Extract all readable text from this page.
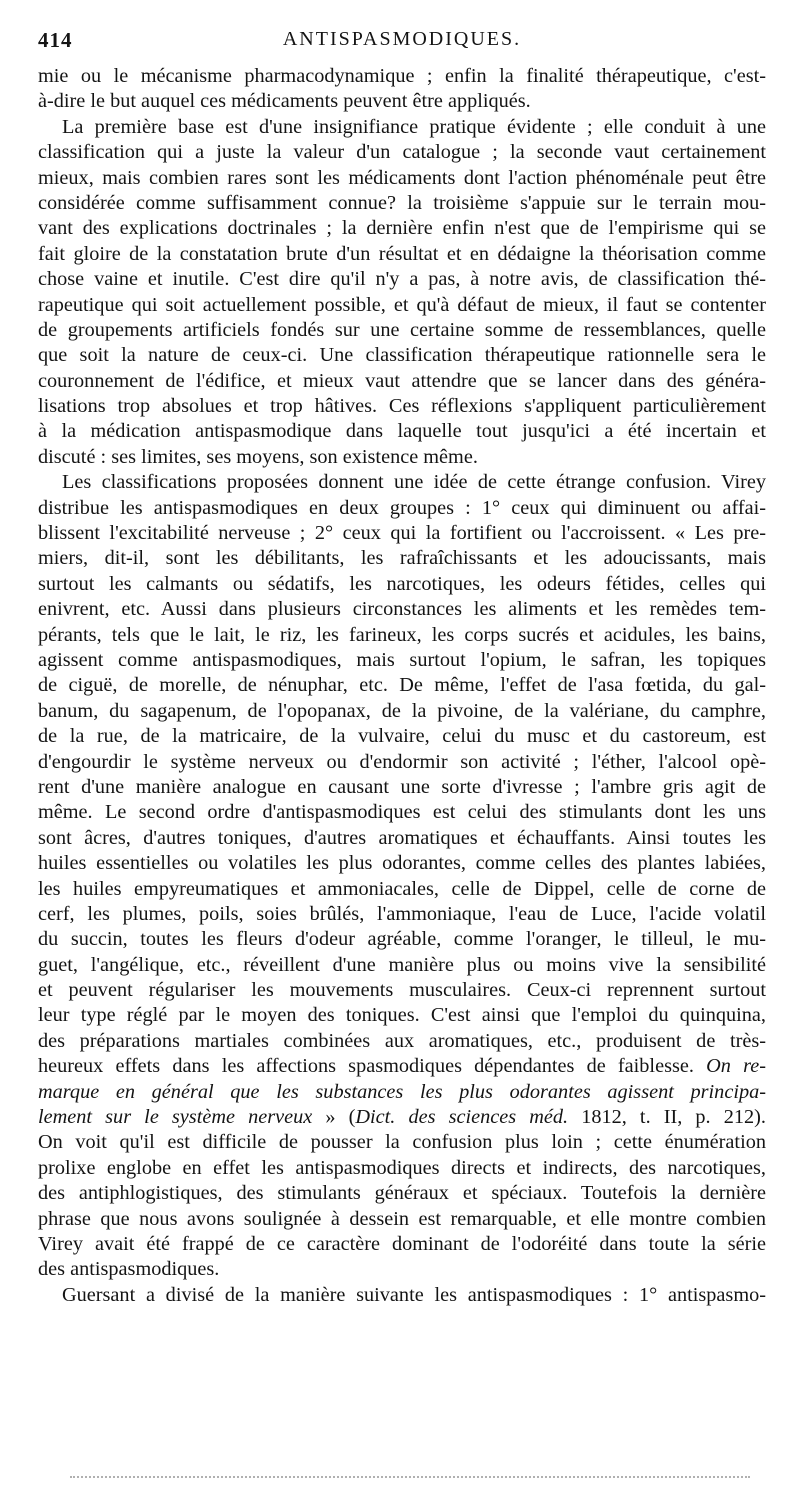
414	ANTISPASMODIQUES.
mie ou le mécanisme pharmacodynamique ; enfin la finalité thérapeutique, c'est-
à-dire le but auquel ces médicaments peuvent être appliqués.
La première base est d'une insignifiance pratique évidente ; elle conduit à une
classification qui a juste la valeur d'un catalogue ; la seconde vaut certainement
mieux, mais combien rares sont les médicaments dont l'action phénoménale peut être
considérée comme suffisamment connue? la troisième s'appuie sur le terrain mou-
vant des explications doctrinales ; la dernière enfin n'est que de l'empirisme qui se
fait gloire de la constatation brute d'un résultat et en dédaigne la théorisation comme
chose vaine et inutile. C'est dire qu'il n'y a pas, à notre avis, de classification thé-
rapeutique qui soit actuellement possible, et qu'à défaut de mieux, il faut se contenter
de groupements artificiels fondés sur une certaine somme de ressemblances, quelle
que soit la nature de ceux-ci. Une classification thérapeutique rationnelle sera le
couronnement de l'édifice, et mieux vaut attendre que se lancer dans des généra-
lisations trop absolues et trop hâtives. Ces réflexions s'appliquent particulièrement
à la médication antispasmodique dans laquelle tout jusqu'ici a été incertain et
discuté : ses limites, ses moyens, son existence même.
Les classifications proposées donnent une idée de cette étrange confusion. Virey
distribue les antispasmodiques en deux groupes : 1° ceux qui diminuent ou affai-
blissent l'excitabilité nerveuse ; 2° ceux qui la fortifient ou l'accroissent. « Les pre-
miers, dit-il, sont les débilitants, les rafraîchissants et les adoucissants, mais
surtout les calmants ou sédatifs, les narcotiques, les odeurs fétides, celles qui
enivrent, etc. Aussi dans plusieurs circonstances les aliments et les remèdes tem-
pérants, tels que le lait, le riz, les farineux, les corps sucrés et acidules, les bains,
agissent comme antispasmodiques, mais surtout l'opium, le safran, les topiques
de ciguë, de morelle, de nénuphar, etc. De même, l'effet de l'asa fœtida, du gal-
banum, du sagapenum, de l'opopanax, de la pivoine, de la valériane, du camphre,
de la rue, de la matricaire, de la vulvaire, celui du musc et du castoreum, est
d'engourdir le système nerveux ou d'endormir son activité ; l'éther, l'alcool opè-
rent d'une manière analogue en causant une sorte d'ivresse ; l'ambre gris agit de
même. Le second ordre d'antispasmodiques est celui des stimulants dont les uns
sont âcres, d'autres toniques, d'autres aromatiques et échauffants. Ainsi toutes les
huiles essentielles ou volatiles les plus odorantes, comme celles des plantes labiées,
les huiles empyreumatiques et ammoniacales, celle de Dippel, celle de corne de
cerf, les plumes, poils, soies brûlés, l'ammoniaque, l'eau de Luce, l'acide volatil
du succin, toutes les fleurs d'odeur agréable, comme l'oranger, le tilleul, le mu-
guet, l'angélique, etc., réveillent d'une manière plus ou moins vive la sensibilité
et peuvent régulariser les mouvements musculaires. Ceux-ci reprennent surtout
leur type réglé par le moyen des toniques. C'est ainsi que l'emploi du quinquina,
des préparations martiales combinées aux aromatiques, etc., produisent de très-
heureux effets dans les affections spasmodiques dépendantes de faiblesse. On re-
marque en général que les substances les plus odorantes agissent principa-
lement sur le système nerveux » (Dict. des sciences méd. 1812, t. II, p. 212).
On voit qu'il est difficile de pousser la confusion plus loin ; cette énumération
prolixe englobe en effet les antispasmodiques directs et indirects, des narcotiques,
des antiphlogistiques, des stimulants généraux et spéciaux. Toutefois la dernière
phrase que nous avons soulignée à dessein est remarquable, et elle montre combien
Virey avait été frappé de ce caractère dominant de l'odoréité dans toute la série
des antispasmodiques.
Guersant a divisé de la manière suivante les antispasmodiques : 1° antispasmo-
